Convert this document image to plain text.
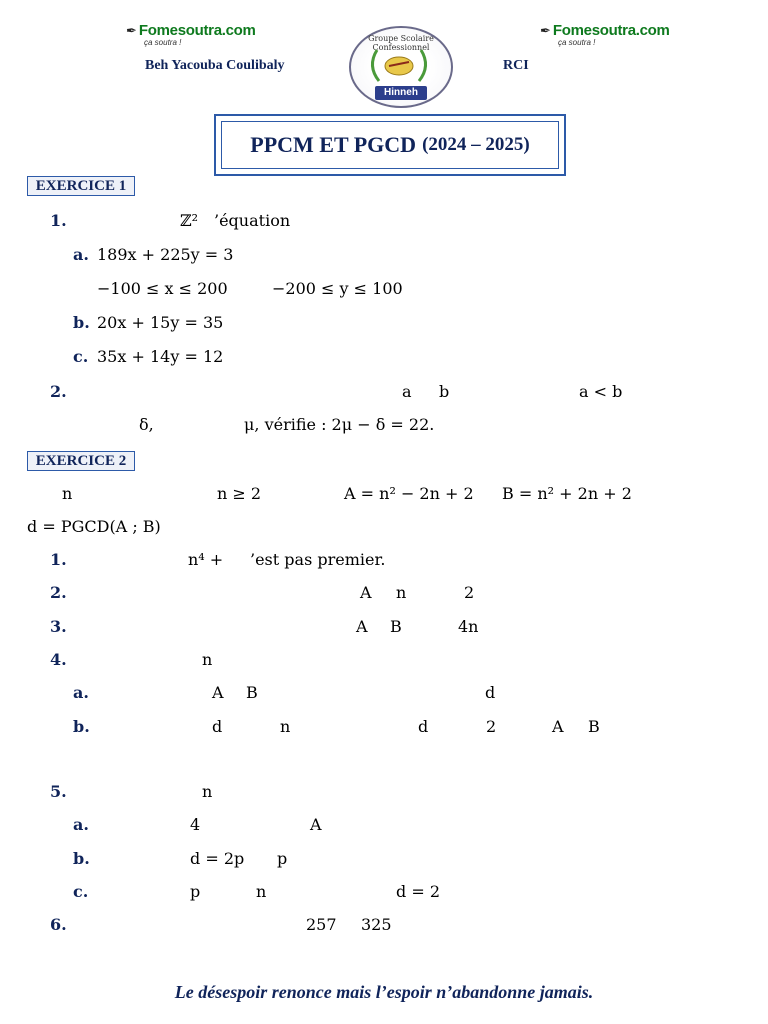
✒ Fomesoutra.com
ça soutra !
✒ Fomesoutra.com
ça soutra !
Beh Yacouba Coulibaly	RCI
Groupe Scolaire Confessionnel
Hinneh
PPCM ET PGCD (2024 – 2025)
EXERCICE 1
1.	ℤ² ’équation
a. 189x + 225y = 3
−100 ≤ x ≤ 200	−200 ≤ y ≤ 100
b. 20x + 15y = 35
c. 35x + 14y = 12
2.	a b	a < b
δ,	μ, vérifie : 2μ − δ = 22.
EXERCICE 2
n	n ≥ 2	A = n² − 2n + 2 B = n² + 2n + 2
d = PGCD(A ; B)
1.	n⁴ + ’est pas premier.
2.	A n	2
3.	A B	4n
4.	n
a.	A B	d
b.	d	n	d	2	A B
5.	n
a.	4	A
b.	d = 2p p
c.	p	n	d = 2
6.	257 325
Le désespoir renonce mais l’espoir n’abandonne jamais.
